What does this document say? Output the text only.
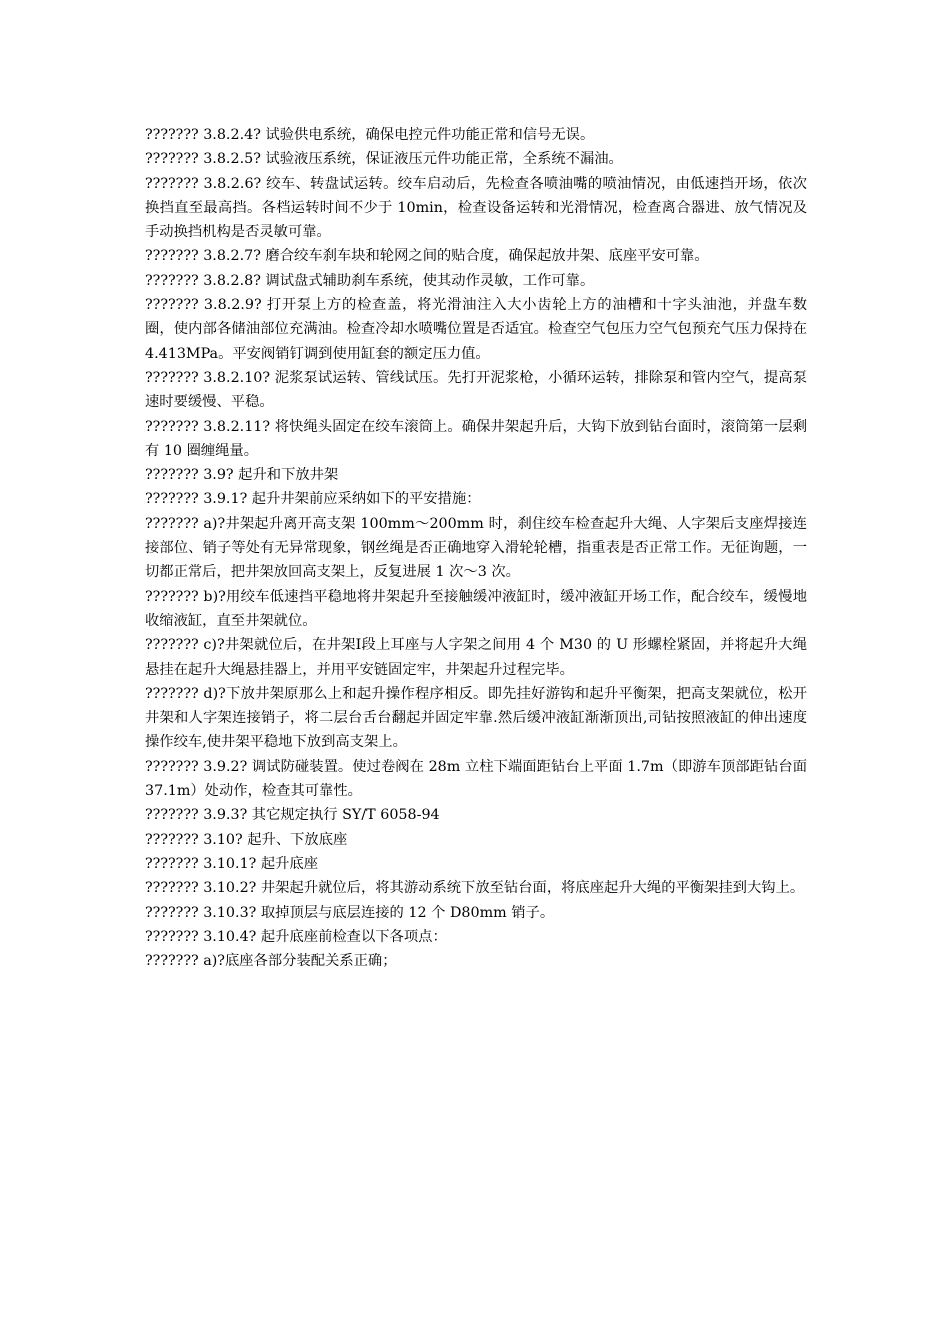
??????? 3.8.2.4? 试验供电系统，确保电控元件功能正常和信号无误。

??????? 3.8.2.5? 试验液压系统，保证液压元件功能正常，全系统不漏油。

??????? 3.8.2.6? 绞车、转盘试运转。绞车启动后，先检查各喷油嘴的喷油情况，由低速挡开场，依次换挡直至最高挡。各档运转时间不少于 10min，检查设备运转和光滑情况，检查离合器进、放气情况及手动换挡机构是否灵敏可靠。

??????? 3.8.2.7? 磨合绞车刹车块和轮网之间的贴合度，确保起放井架、底座平安可靠。

??????? 3.8.2.8? 调试盘式辅助刹车系统，使其动作灵敏，工作可靠。

??????? 3.8.2.9? 打开泵上方的检查盖，将光滑油注入大小齿轮上方的油槽和十字头油池，并盘车数圈，使内部各储油部位充满油。检查冷却水喷嘴位置是否适宜。检查空气包压力空气包预充气压力保持在 4.413MPa。平安阀销钉调到使用缸套的额定压力值。

??????? 3.8.2.10? 泥浆泵试运转、管线试压。先打开泥浆枪，小循环运转，排除泵和管内空气，提高泵速时要缓慢、平稳。

??????? 3.8.2.11? 将快绳头固定在绞车滚筒上。确保井架起升后，大钩下放到钻台面时，滚筒第一层剩有 10 圈缠绳量。

??????? 3.9? 起升和下放井架

??????? 3.9.1? 起升井架前应采纳如下的平安措施：

??????? a)?井架起升离开高支架 100mm～200mm 时，刹住绞车检查起升大绳、人字架后支座焊接连接部位、销子等处有无异常现象，钢丝绳是否正确地穿入滑轮轮槽，指重表是否正常工作。无征询题，一切都正常后，把井架放回高支架上，反复进展 1 次～3 次。

??????? b)?用绞车低速挡平稳地将井架起升至接触缓冲液缸时，缓冲液缸开场工作，配合绞车，缓慢地收缩液缸，直至井架就位。

??????? c)?井架就位后，在井架Ⅰ段上耳座与人字架之间用 4 个 M30 的 U 形螺栓紧固，并将起升大绳悬挂在起升大绳悬挂器上，并用平安链固定牢，井架起升过程完毕。

??????? d)?下放井架原那么上和起升操作程序相反。即先挂好游钩和起升平衡架，把高支架就位，松开井架和人字架连接销子，将二层台舌台翻起并固定牢靠.然后缓冲液缸渐渐顶出,司钻按照液缸的伸出速度操作绞车,使井架平稳地下放到高支架上。

??????? 3.9.2? 调试防碰装置。使过卷阀在 28m 立柱下端面距钻台上平面 1.7m（即游车顶部距钻台面 37.1m）处动作，检查其可靠性。

??????? 3.9.3? 其它规定执行 SY/T 6058-94

??????? 3.10? 起升、下放底座

??????? 3.10.1? 起升底座

??????? 3.10.2? 井架起升就位后，将其游动系统下放至钻台面，将底座起升大绳的平衡架挂到大钩上。

??????? 3.10.3? 取掉顶层与底层连接的 12 个 D80mm 销子。

??????? 3.10.4? 起升底座前检查以下各项点：

??????? a)?底座各部分装配关系正确；
